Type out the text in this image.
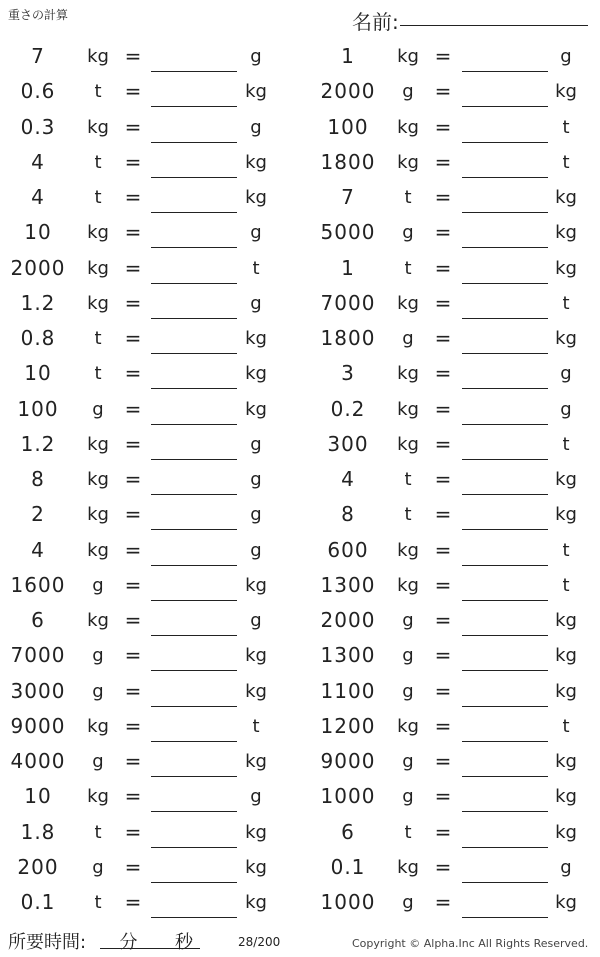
重さの計算	名前:
7	kg =	g	1	kg =	g
0.6	t	=	kg	2000	g	=	kg
0.3	kg =	g	100	kg =	t
4	t	=	kg	1800	kg =	t
4	t	=	kg	7	t	=	kg
10	kg =	g	5000	g	=	kg
2000	kg =	t	1	t	=	kg
1.2	kg =	g	7000	kg =	t
0.8	t	=	kg	1800	g	=	kg
10	t	=	kg	3	kg =	g
100	g	=	kg	0.2	kg =	g
1.2	kg =	g	300	kg =	t
8	kg =	g	4	t	=	kg
2	kg =	g	8	t	=	kg
4	kg =	g	600	kg =	t
1600	g	=	kg	1300	kg =	t
6	kg =	g	2000	g	=	kg
7000	g	=	kg	1300	g	=	kg
3000	g	=	kg	1100	g	=	kg
9000	kg =	t	1200	kg =	t
4000	g	=	kg	9000	g	=	kg
10	kg =	g	1000	g	=	kg
1.8	t	=	kg	6	t	=	kg
200	g	=	kg	0.1	kg =	g
0.1	t	=	kg	1000	g	=	kg
所要時間: 分 秒	28/200	Copyright © Alpha.Inc All Rights Reserved.
